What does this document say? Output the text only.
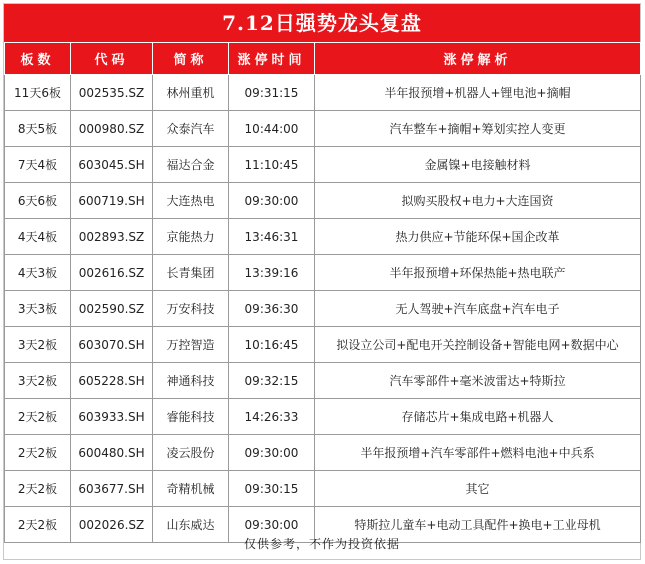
7.12日强势龙头复盘
板数	代码	简称	涨停时间	涨停解析
11天6板	002535.SZ	林州重机	09:31:15	半年报预增+机器人+锂电池+摘帽
8天5板	000980.SZ	众泰汽车	10:44:00	汽车整车+摘帽+筹划实控人变更
7天4板	603045.SH	福达合金	11:10:45	金属镍+电接触材料
6天6板	600719.SH	大连热电	09:30:00	拟购买股权+电力+大连国资
4天4板	002893.SZ	京能热力	13:46:31	热力供应+节能环保+国企改革
4天3板	002616.SZ	长青集团	13:39:16	半年报预增+环保热能+热电联产
3天3板	002590.SZ	万安科技	09:36:30	无人驾驶+汽车底盘+汽车电子
3天2板	603070.SH	万控智造	10:16:45	拟设立公司+配电开关控制设备+智能电网+数据中心
3天2板	605228.SH	神通科技	09:32:15	汽车零部件+毫米波雷达+特斯拉
2天2板	603933.SH	睿能科技	14:26:33	存储芯片+集成电路+机器人
2天2板	600480.SH	凌云股份	09:30:00	半年报预增+汽车零部件+燃料电池+中兵系
2天2板	603677.SH	奇精机械	09:30:15	其它
2天2板	002026.SZ	山东威达	09:30:00	特斯拉儿童车+电动工具配件+换电+工业母机
仅供参考，不作为投资依据
